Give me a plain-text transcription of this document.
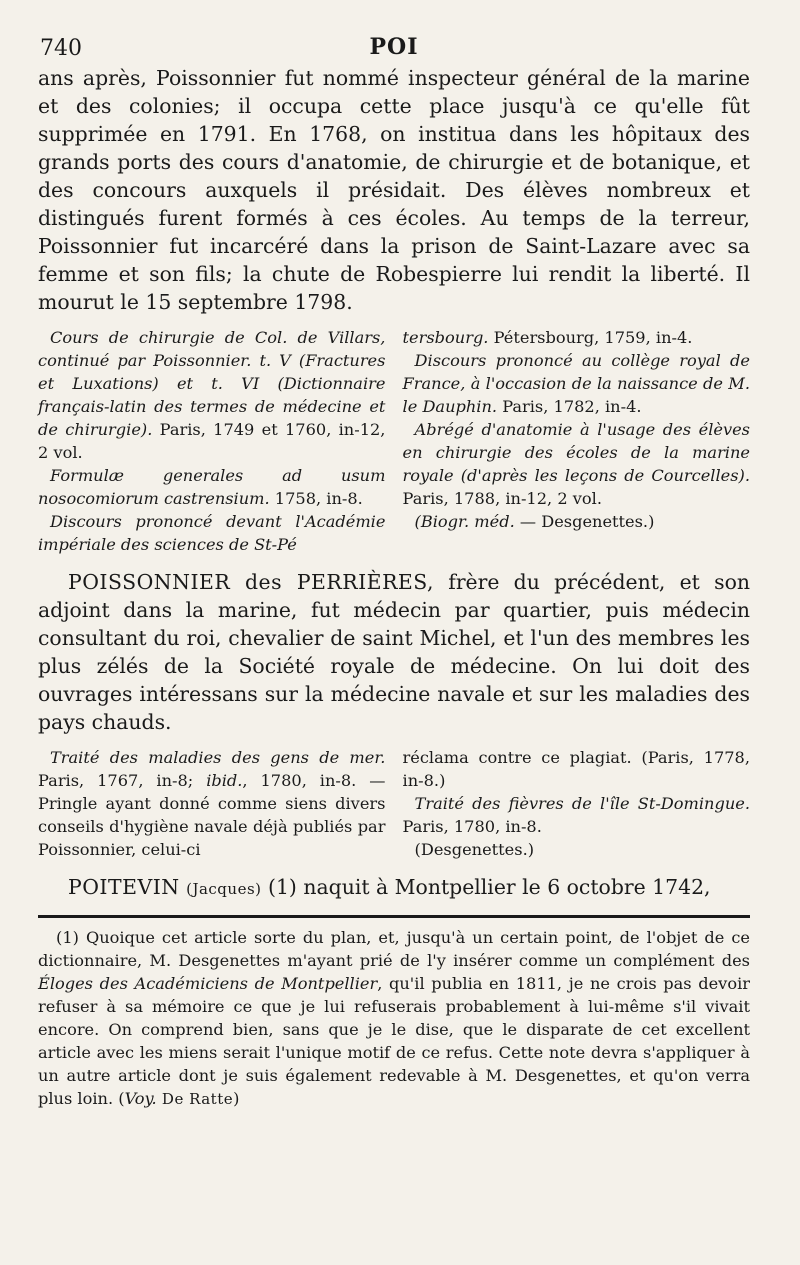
740	POI

ans après, Poissonnier fut nommé inspecteur général de la marine et des colonies; il occupa cette place jusqu'à ce qu'elle fût supprimée en 1791. En 1768, on institua dans les hôpitaux des grands ports des cours d'anatomie, de chirurgie et de botanique, et des concours auxquels il présidait. Des élèves nombreux et distingués furent formés à ces écoles. Au temps de la terreur, Poissonnier fut incarcéré dans la prison de Saint-Lazare avec sa femme et son fils; la chute de Robespierre lui rendit la liberté. Il mourut le 15 septembre 1798.

Cours de chirurgie de Col. de Villars, continué par Poissonnier. t. V (Fractures et Luxations) et t. VI (Dictionnaire français-latin des termes de médecine et de chirurgie). Paris, 1749 et 1760, in-12, 2 vol.

Formulæ generales ad usum nosocomiorum castrensium. 1758, in-8.

Discours prononcé devant l'Académie impériale des sciences de St-Pé

tersbourg. Pétersbourg, 1759, in-4.

Discours prononcé au collège royal de France, à l'occasion de la naissance de M. le Dauphin. Paris, 1782, in-4.

Abrégé d'anatomie à l'usage des élèves en chirurgie des écoles de la marine royale (d'après les leçons de Courcelles). Paris, 1788, in-12, 2 vol.

(Biogr. méd. — Desgenettes.)

POISSONNIER des PERRIÈRES, frère du précédent, et son adjoint dans la marine, fut médecin par quartier, puis médecin consultant du roi, chevalier de saint Michel, et l'un des membres les plus zélés de la Société royale de médecine. On lui doit des ouvrages intéressans sur la médecine navale et sur les maladies des pays chauds.

Traité des maladies des gens de mer. Paris, 1767, in-8; ibid., 1780, in-8. — Pringle ayant donné comme siens divers conseils d'hygiène navale déjà publiés par Poissonnier, celui-ci

réclama contre ce plagiat. (Paris, 1778, in-8.)

Traité des fièvres de l'île St-Domingue. Paris, 1780, in-8.

(Desgenettes.)

POITEVIN (Jacques) (1) naquit à Montpellier le 6 octobre 1742,

(1) Quoique cet article sorte du plan, et, jusqu'à un certain point, de l'objet de ce dictionnaire, M. Desgenettes m'ayant prié de l'y insérer comme un complément des Éloges des Académiciens de Montpellier, qu'il publia en 1811, je ne crois pas devoir refuser à sa mémoire ce que je lui refuserais probablement à lui-même s'il vivait encore. On comprend bien, sans que je le dise, que le disparate de cet excellent article avec les miens serait l'unique motif de ce refus. Cette note devra s'appliquer à un autre article dont je suis également redevable à M. Desgenettes, et qu'on verra plus loin. (Voy. De Ratte)
